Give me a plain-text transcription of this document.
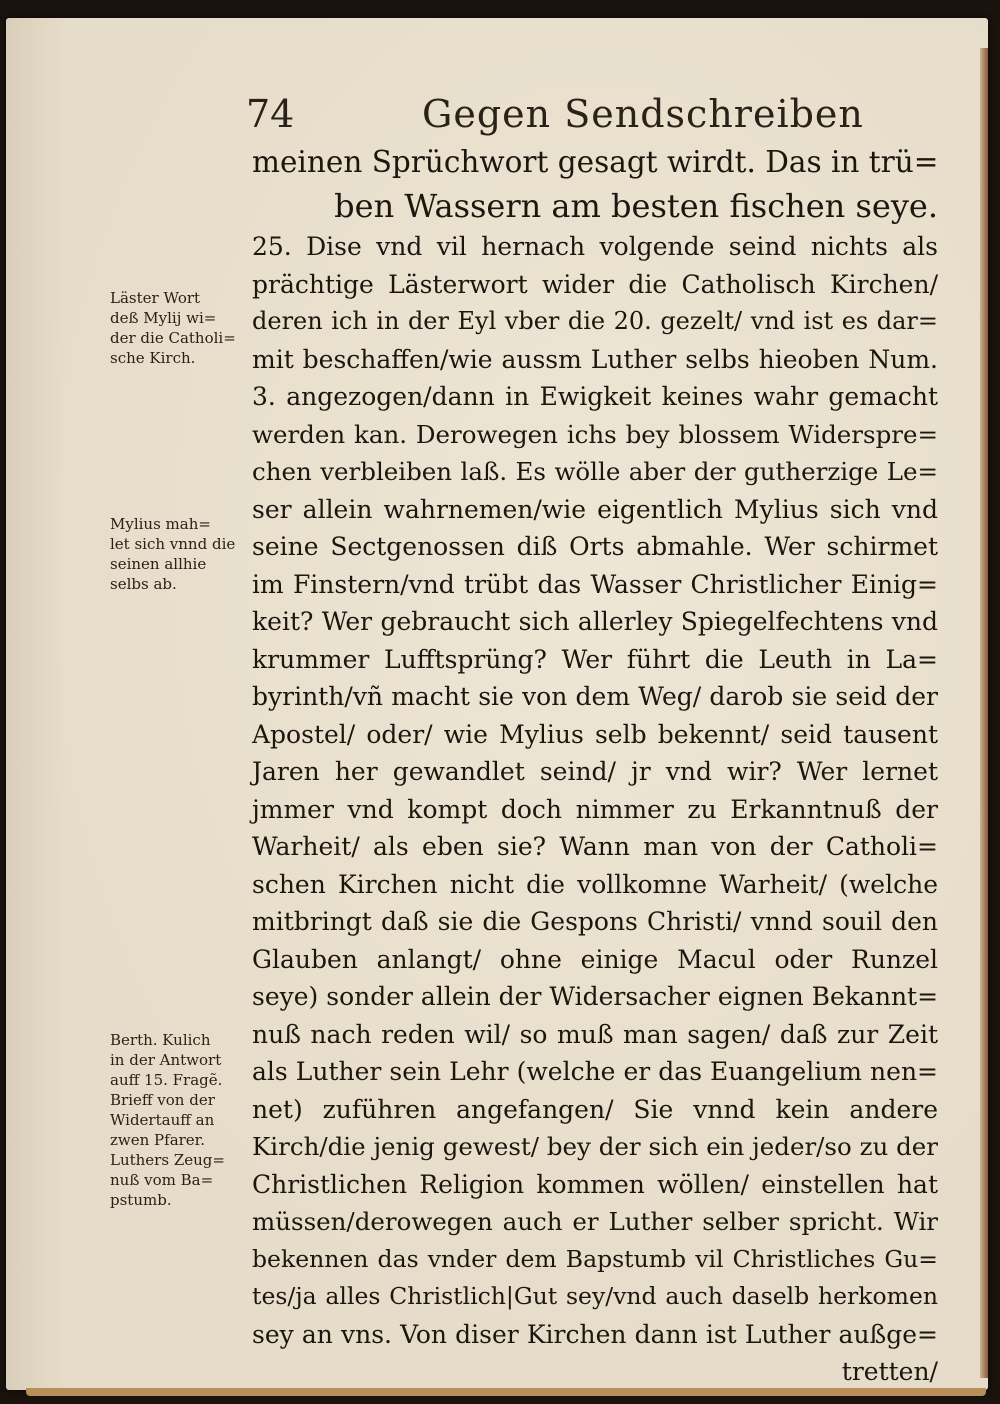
74	Gegen Sendschreiben
meinen Sprüchwort gesagt wirdt. Das in trü=
ben Wassern am besten fischen seye.
25. Dise vnd vil hernach volgende seind nichts als
prächtige Lästerwort wider die Catholisch Kirchen/
deren ich in der Eyl vber die 20. gezelt/ vnd ist es dar=
mit beschaffen/wie aussm Luther selbs hieoben Num.
3. angezogen/dann in Ewigkeit keines wahr gemacht
werden kan. Derowegen ichs bey blossem Widerspre=
chen verbleiben laß. Es wölle aber der gutherzige Le=
ser allein wahrnemen/wie eigentlich Mylius sich vnd
seine Sectgenossen diß Orts abmahle. Wer schirmet
im Finstern/vnd trübt das Wasser Christlicher Einig=
keit? Wer gebraucht sich allerley Spiegelfechtens vnd
krummer Lufftsprüng? Wer führt die Leuth in La=
byrinth/vñ macht sie von dem Weg/ darob sie seid der
Apostel/ oder/ wie Mylius selb bekennt/ seid tausent
Jaren her gewandlet seind/ jr vnd wir? Wer lernet
jmmer vnd kompt doch nimmer zu Erkanntnuß der
Warheit/ als eben sie? Wann man von der Catholi=
schen Kirchen nicht die vollkomne Warheit/ (welche
mitbringt daß sie die Gespons Christi/ vnnd souil den
Glauben anlangt/ ohne einige Macul oder Runzel
seye) sonder allein der Widersacher eignen Bekannt=
nuß nach reden wil/ so muß man sagen/ daß zur Zeit
als Luther sein Lehr (welche er das Euangelium nen=
net) zuführen angefangen/ Sie vnnd kein andere
Kirch/die jenig gewest/ bey der sich ein jeder/so zu der
Christlichen Religion kommen wöllen/ einstellen hat
müssen/derowegen auch er Luther selber spricht. Wir
bekennen das vnder dem Bapstumb vil Christliches Gu=
tes/ja alles Christlich|Gut sey/vnd auch daselb herkomen
sey an vns. Von diser Kirchen dann ist Luther außge=
tretten/
Läster Wort
deß Mylij wi=
der die Catholi=
sche Kirch.
Mylius mah=
let sich vnnd die
seinen allhie
selbs ab.
Berth. Kulich
in der Antwort
auff 15. Fragẽ.
Brieff von der
Widertauff an
zwen Pfarer.
Luthers Zeug=
nuß vom Ba=
pstumb.
